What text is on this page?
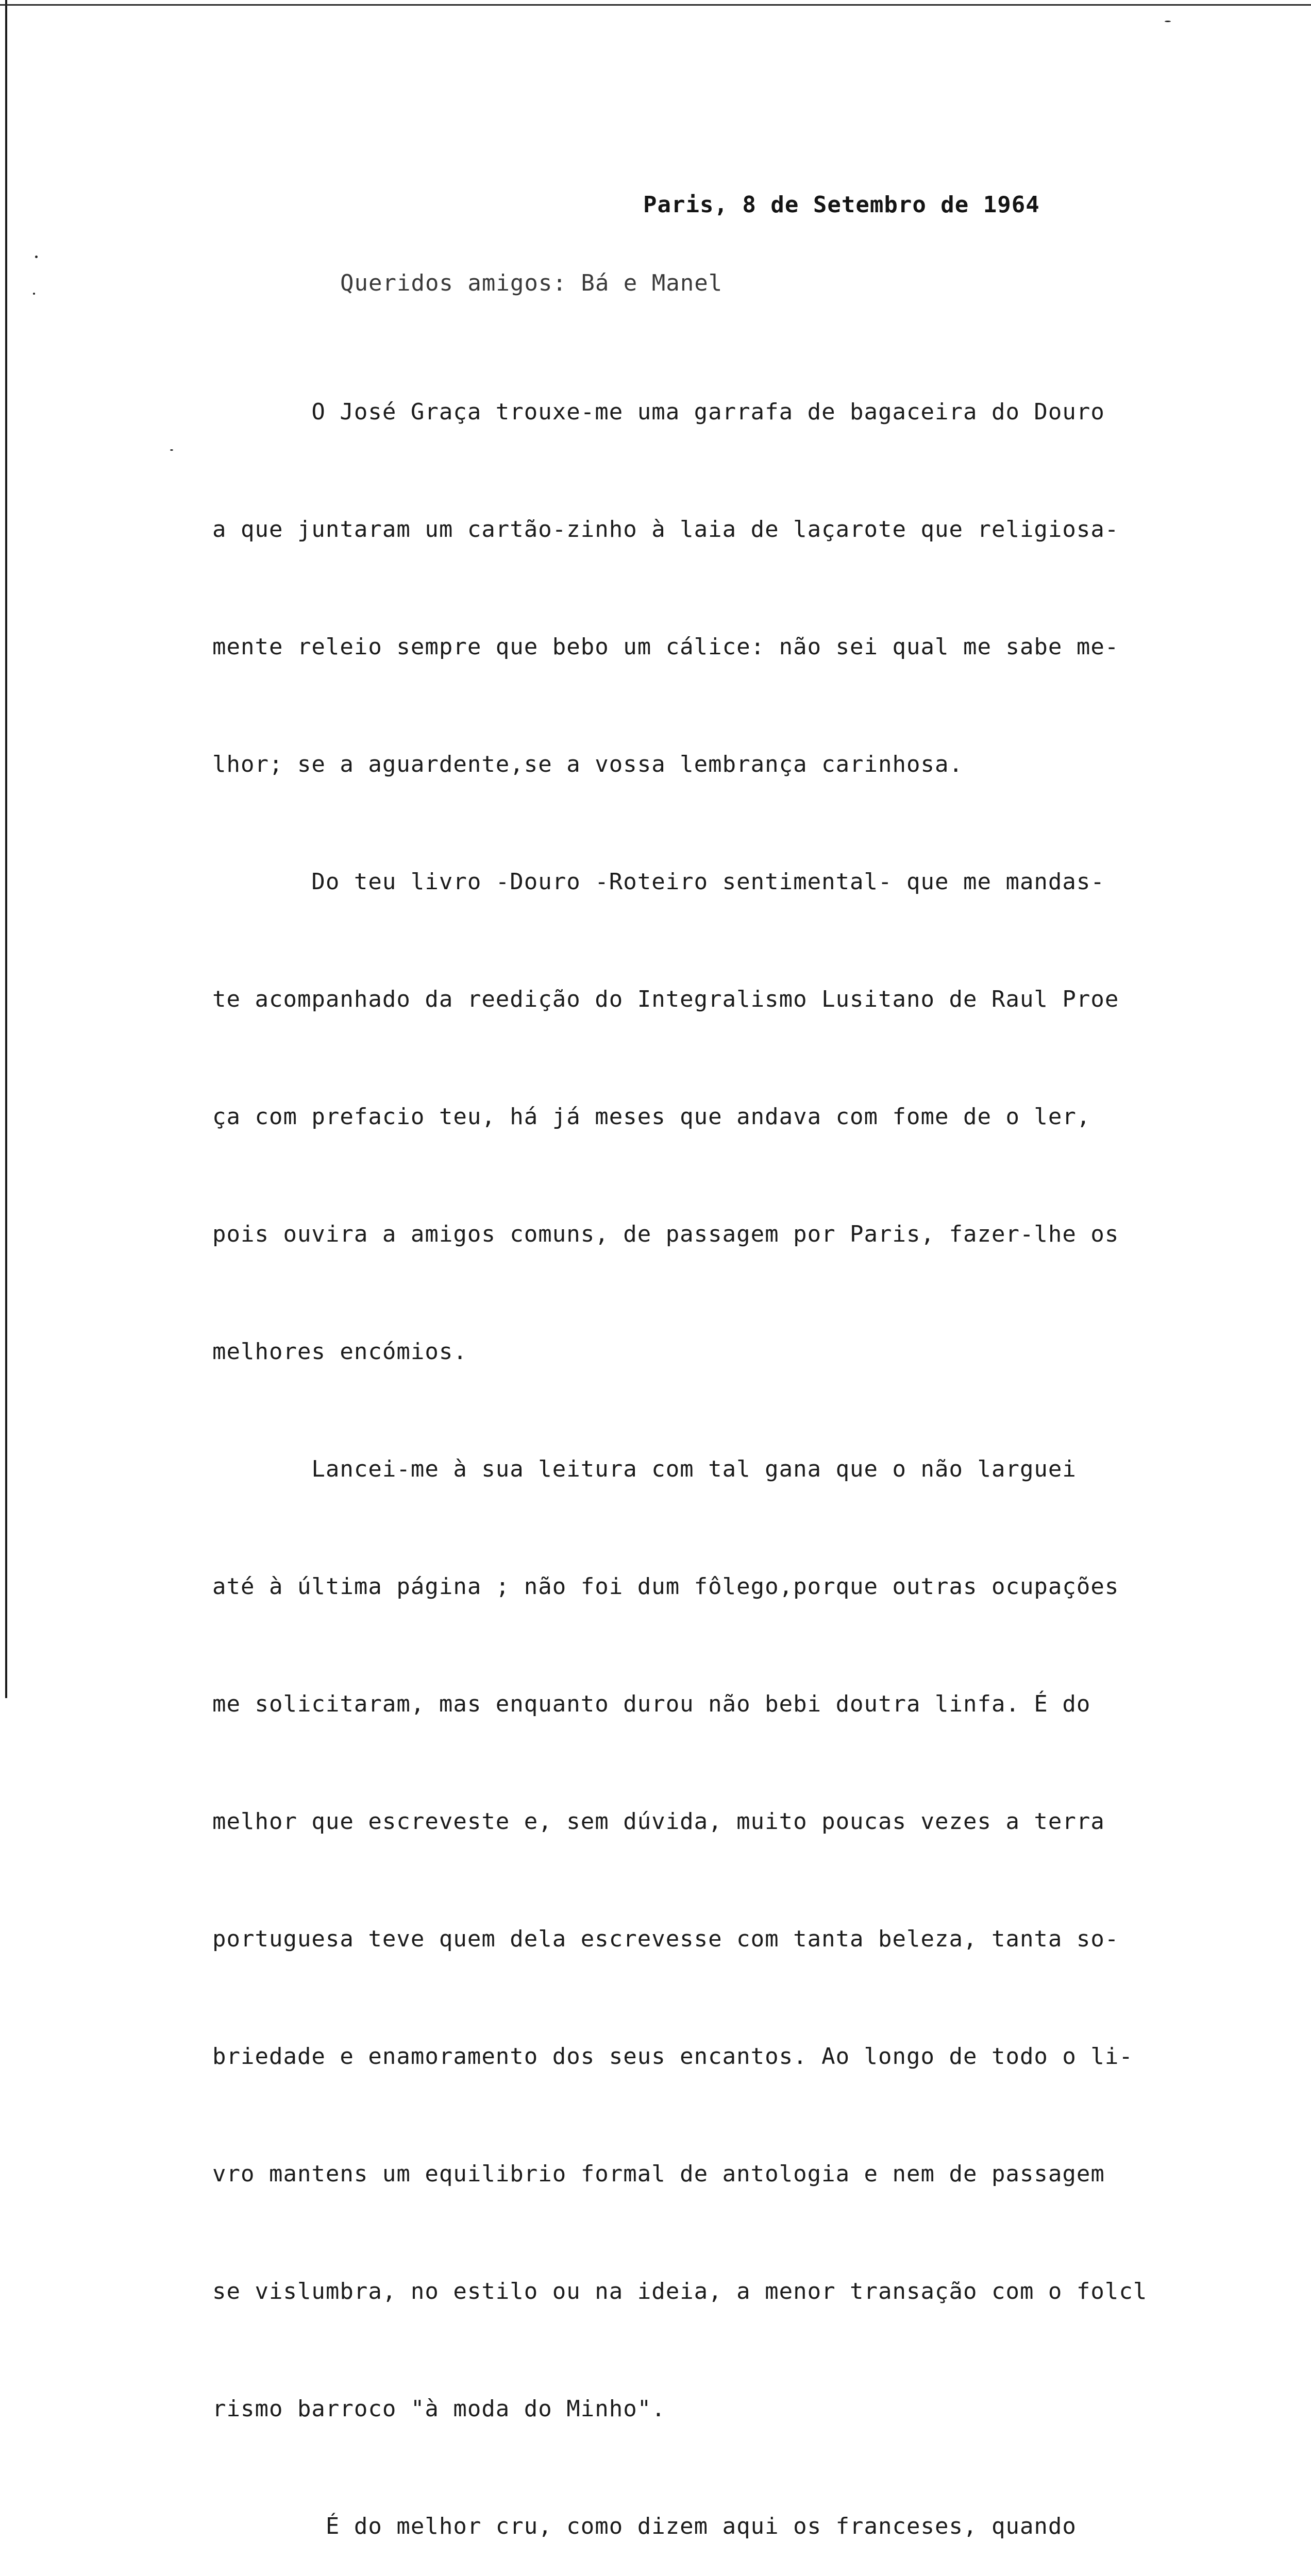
Paris, 8 de Setembro de 1964
Queridos amigos: Bá e Manel

O José Graça trouxe-me uma garrafa de bagaceira do Douro

a que juntaram um cartão-zinho à laia de laçarote que religiosa-

mente releio sempre que bebo um cálice: não sei qual me sabe me-

lhor; se a aguardente,se a vossa lembrança carinhosa.

Do teu livro -Douro -Roteiro sentimental- que me mandas-

te acompanhado da reedição do Integralismo Lusitano de Raul Proe

ça com prefacio teu, há já meses que andava com fome de o ler,

pois ouvira a amigos comuns, de passagem por Paris, fazer-lhe os

melhores encómios.

Lancei-me à sua leitura com tal gana que o não larguei

até à última página ; não foi dum fôlego,porque outras ocupações

me solicitaram, mas enquanto durou não bebi doutra linfa. É do

melhor que escreveste e, sem dúvida, muito poucas vezes a terra

portuguesa teve quem dela escrevesse com tanta beleza, tanta so-

briedade e enamoramento dos seus encantos. Ao longo de todo o li-

vro mantens um equilibrio formal de antologia e nem de passagem

se vislumbra, no estilo ou na ideia, a menor transação com o folcl

rismo barroco "à moda do Minho".

É do melhor cru, como dizem aqui os franceses, quando
